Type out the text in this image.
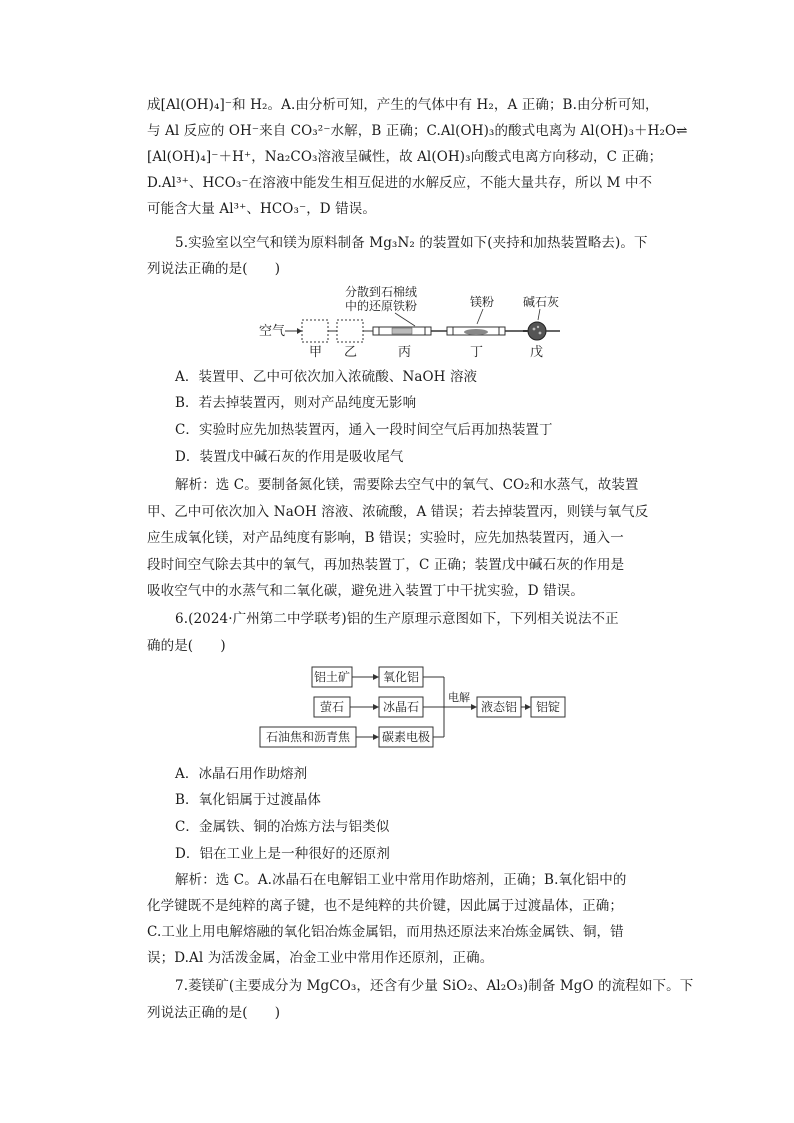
成[Al(OH)₄]⁻和 H₂。A.由分析可知，产生的气体中有 H₂，A 正确；B.由分析可知，
与 Al 反应的 OH⁻来自 CO₃²⁻水解，B 正确；C.Al(OH)₃的酸式电离为 Al(OH)₃＋H₂O⇌
[Al(OH)₄]⁻＋H⁺，Na₂CO₃溶液呈碱性，故 Al(OH)₃向酸式电离方向移动，C 正确；
D.Al³⁺、HCO₃⁻在溶液中能发生相互促进的水解反应，不能大量共存，所以 M 中不
可能含大量 Al³⁺、HCO₃⁻，D 错误。
5.实验室以空气和镁为原料制备 Mg₃N₂ 的装置如下(夹持和加热装置略去)。下
列说法正确的是(　　)
分散到石棉绒
中的还原铁粉	镁粉 碱石灰
空气
甲 乙	丙	丁	戊
A．装置甲、乙中可依次加入浓硫酸、NaOH 溶液
B．若去掉装置丙，则对产品纯度无影响
C．实验时应先加热装置丙，通入一段时间空气后再加热装置丁
D．装置戊中碱石灰的作用是吸收尾气
解析：选 C。要制备氮化镁，需要除去空气中的氧气、CO₂和水蒸气，故装置
甲、乙中可依次加入 NaOH 溶液、浓硫酸，A 错误；若去掉装置丙，则镁与氧气反
应生成氧化镁，对产品纯度有影响，B 错误；实验时，应先加热装置丙，通入一
段时间空气除去其中的氧气，再加热装置丁，C 正确；装置戊中碱石灰的作用是
吸收空气中的水蒸气和二氧化碳，避免进入装置丁中干扰实验，D 错误。
6.(2024·广州第二中学联考)铝的生产原理示意图如下，下列相关说法不正
确的是(　　)
铝土矿
萤石
石油焦和沥青焦
氧化铝
冰晶石
碳素电极
电解
液态铝 铝锭
A．冰晶石用作助熔剂
B．氧化铝属于过渡晶体
C．金属铁、铜的冶炼方法与铝类似
D．铝在工业上是一种很好的还原剂
解析：选 C。A.冰晶石在电解铝工业中常用作助熔剂，正确；B.氧化铝中的
化学键既不是纯粹的离子键，也不是纯粹的共价键，因此属于过渡晶体，正确；
C.工业上用电解熔融的氧化铝冶炼金属铝，而用热还原法来冶炼金属铁、铜，错
误；D.Al 为活泼金属，冶金工业中常用作还原剂，正确。
7.菱镁矿(主要成分为 MgCO₃，还含有少量 SiO₂、Al₂O₃)制备 MgO 的流程如下。下
列说法正确的是(　　)
